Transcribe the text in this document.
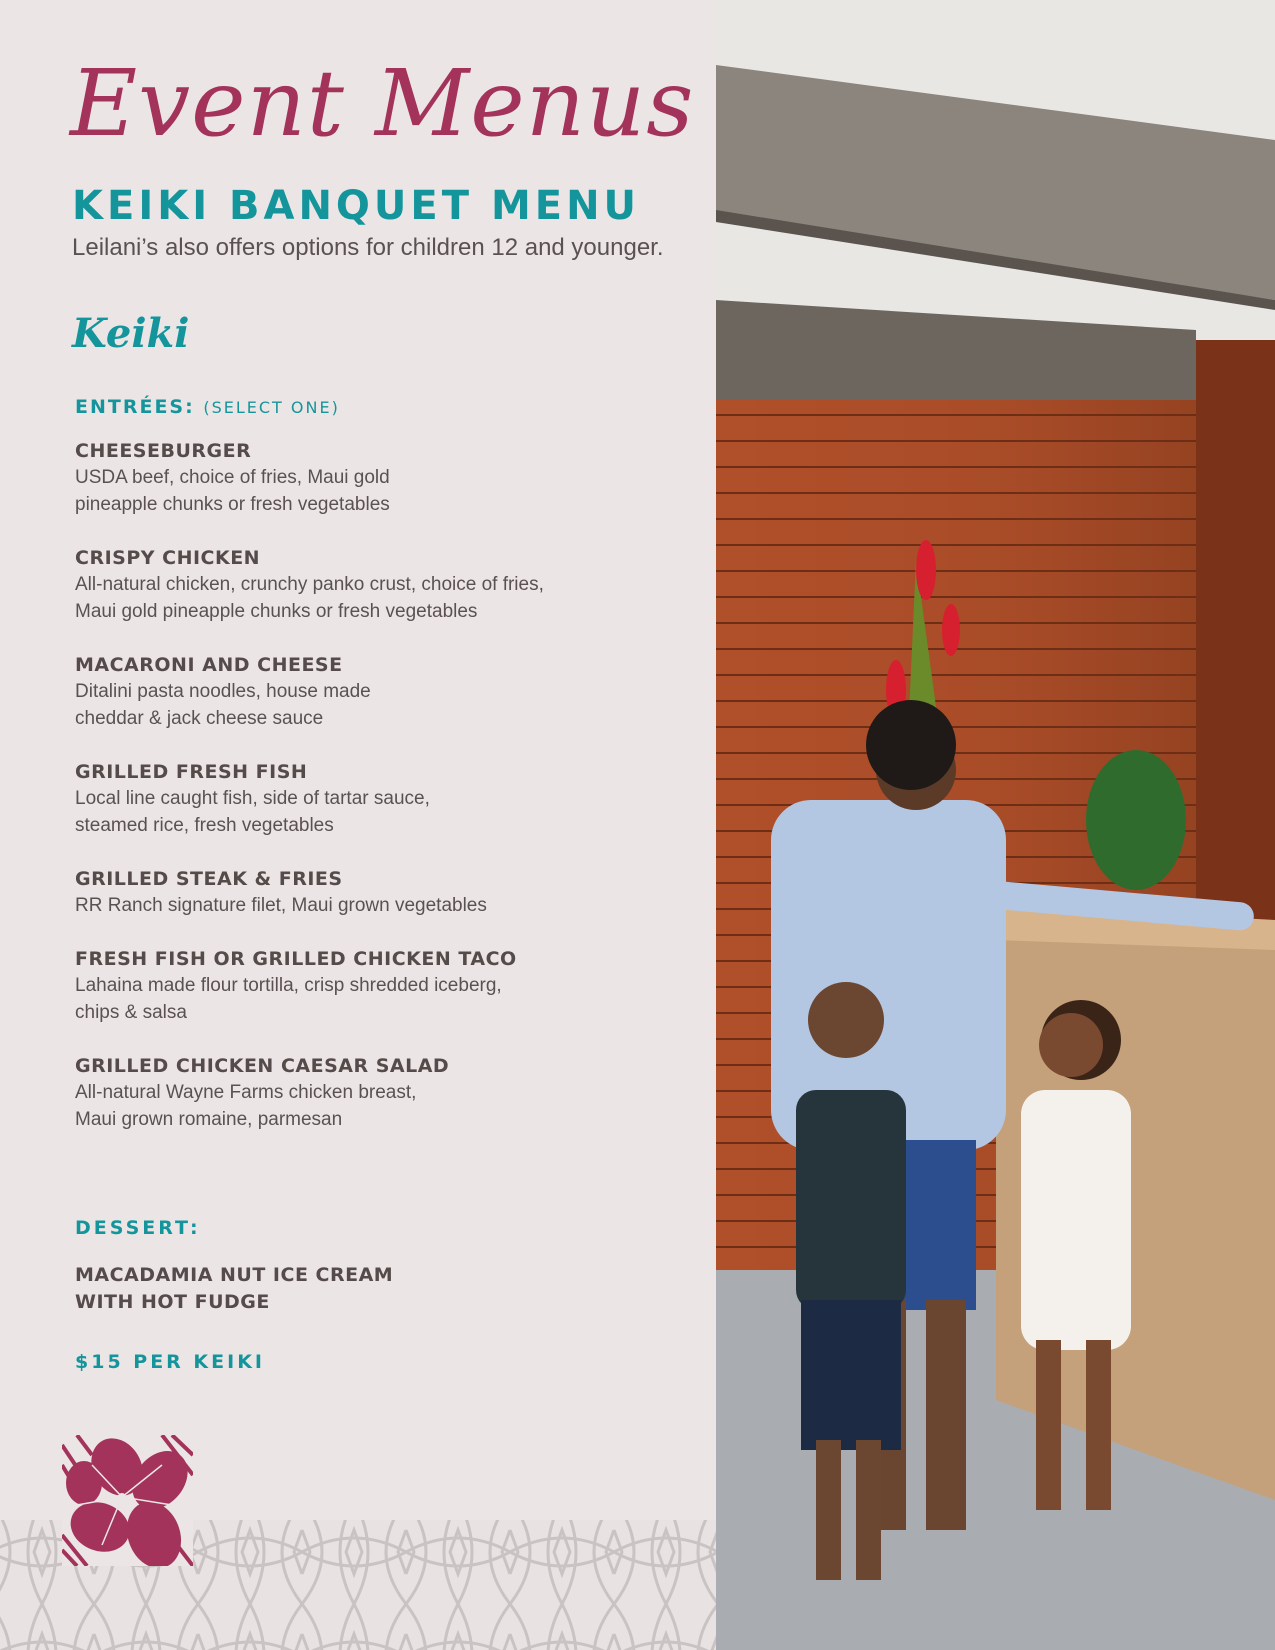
Event Menus
KEIKI BANQUET MENU
Leilani’s also offers options for children 12 and younger.
Keiki
ENTRÉES: (SELECT ONE)
CHEESEBURGER
USDA beef, choice of fries, Maui gold
pineapple chunks or fresh vegetables
CRISPY CHICKEN
All-natural chicken, crunchy panko crust, choice of fries,
Maui gold pineapple chunks or fresh vegetables
MACARONI AND CHEESE
Ditalini pasta noodles, house made
cheddar & jack cheese sauce
GRILLED FRESH FISH
Local line caught fish, side of tartar sauce,
steamed rice, fresh vegetables
GRILLED STEAK & FRIES
RR Ranch signature filet, Maui grown vegetables
FRESH FISH OR GRILLED CHICKEN TACO
Lahaina made flour tortilla, crisp shredded iceberg,
chips & salsa
GRILLED CHICKEN CAESAR SALAD
All-natural Wayne Farms chicken breast,
Maui grown romaine, parmesan
DESSERT:
MACADAMIA NUT ICE CREAM
WITH HOT FUDGE
$15 PER KEIKI
